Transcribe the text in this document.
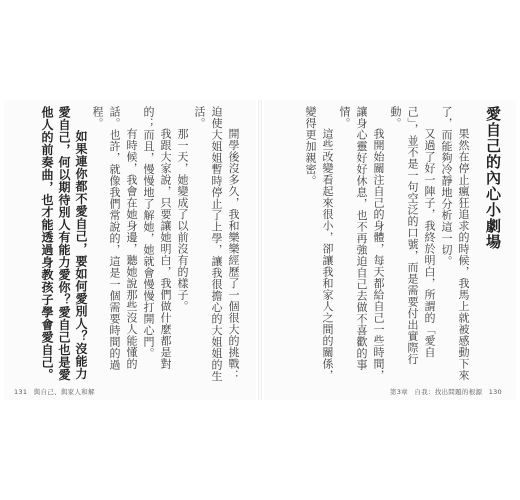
開學後沒多久，我和樂樂經歷了一個很大的挑戰：迫使大姐姐暫時停止了上學，讓我很擔心的大姐姐的生活。

那一天，她變成了以前沒有的樣子。

我跟大家說，只要讓她明白，我們做什麼都是對的；而且，慢慢地了解她，她就會慢慢打開心門。

有時候，我會在她身邊，聽她說那些沒人能懂的話。也許，就像我們常說的，這是一個需要時間的過程。

如果連你都不愛自己，要如何愛別人？沒能力愛自己，何以期待別人有能力愛你？愛自己也是愛他人的前奏曲，也才能透過身教孩子學會愛自己。

131 與自己、與家人和解
愛自己的內心小劇場

果然在停止瘋狂追求的時候，我馬上就被感動下來了，而能夠冷靜地分析這一切。

又過了好一陣子，我終於明白，所謂的「愛自己」，並不是一句空泛的口號，而是需要付出實際行動。

我開始關注自己的身體，每天都給自己一些時間，讓身心靈好好休息，也不再強迫自己去做不喜歡的事情。

這些改變看起來很小，卻讓我和家人之間的關係，變得更加親密。

第3章 自我：找出問題的根源 130
